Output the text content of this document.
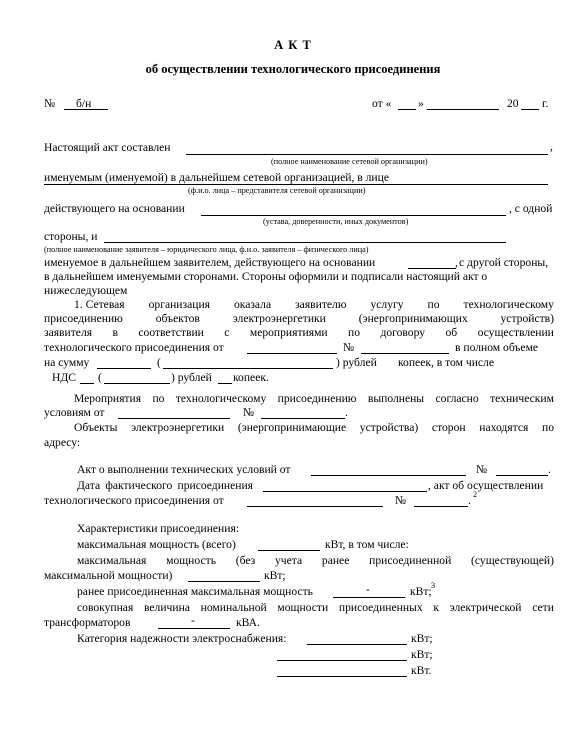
А К Т
об осуществлении технологического присоединения
№ б/н	от « »	20 г.
Настоящий акт составлен	,
(полное наименование сетевой организации)
именуемым (именуемой) в дальнейшем сетевой организацией, в лице
(ф.и.о. лица – представителя сетевой организации)
действующего на основании	, с одной
(устава, доверенности, иных документов)
стороны, и
(полное наименование заявителя – юридического лица, ф.и.о. заявителя – физического лица)
именуемое в дальнейшем заявителем, действующего на основании	, с другой стороны,
в дальнейшем именуемыми сторонами. Стороны оформили и подписали настоящий акт о
нижеследующем
1. Сетевая организация оказала заявителю услугу по технологическому
присоединению	объектов	электроэнергетики	(энергопринимающих	устройств)
заявителя в соответствии с мероприятиями по договору об осуществлении
технологического присоединения от	№	в полном объеме
на сумму	(	) рублей копеек, в том числе
НДС (	) рублей копеек.
Мероприятия по технологическому присоединению выполнены согласно техническим
условиям от	№	.
Объекты электроэнергетики (энергопринимающие устройства) сторон находятся по
адресу:
Акт о выполнении технических условий от	№	.
Дата фактического присоединения	, акт об осуществлении
технологического присоединения от	№	. 2
Характеристики присоединения:
максимальная мощность (всего)	кВт, в том числе:
максимальная мощность (без учета ранее присоединенной (существующей)
максимальной мощности)	кВт;
ранее присоединенная максимальная мощность	-	кВт; 3
совокупная величина номинальной мощности присоединенных к электрической сети
трансформаторов	-	кВА.
Категория надежности электроснабжения:	кВт;
кВт;
кВт.
